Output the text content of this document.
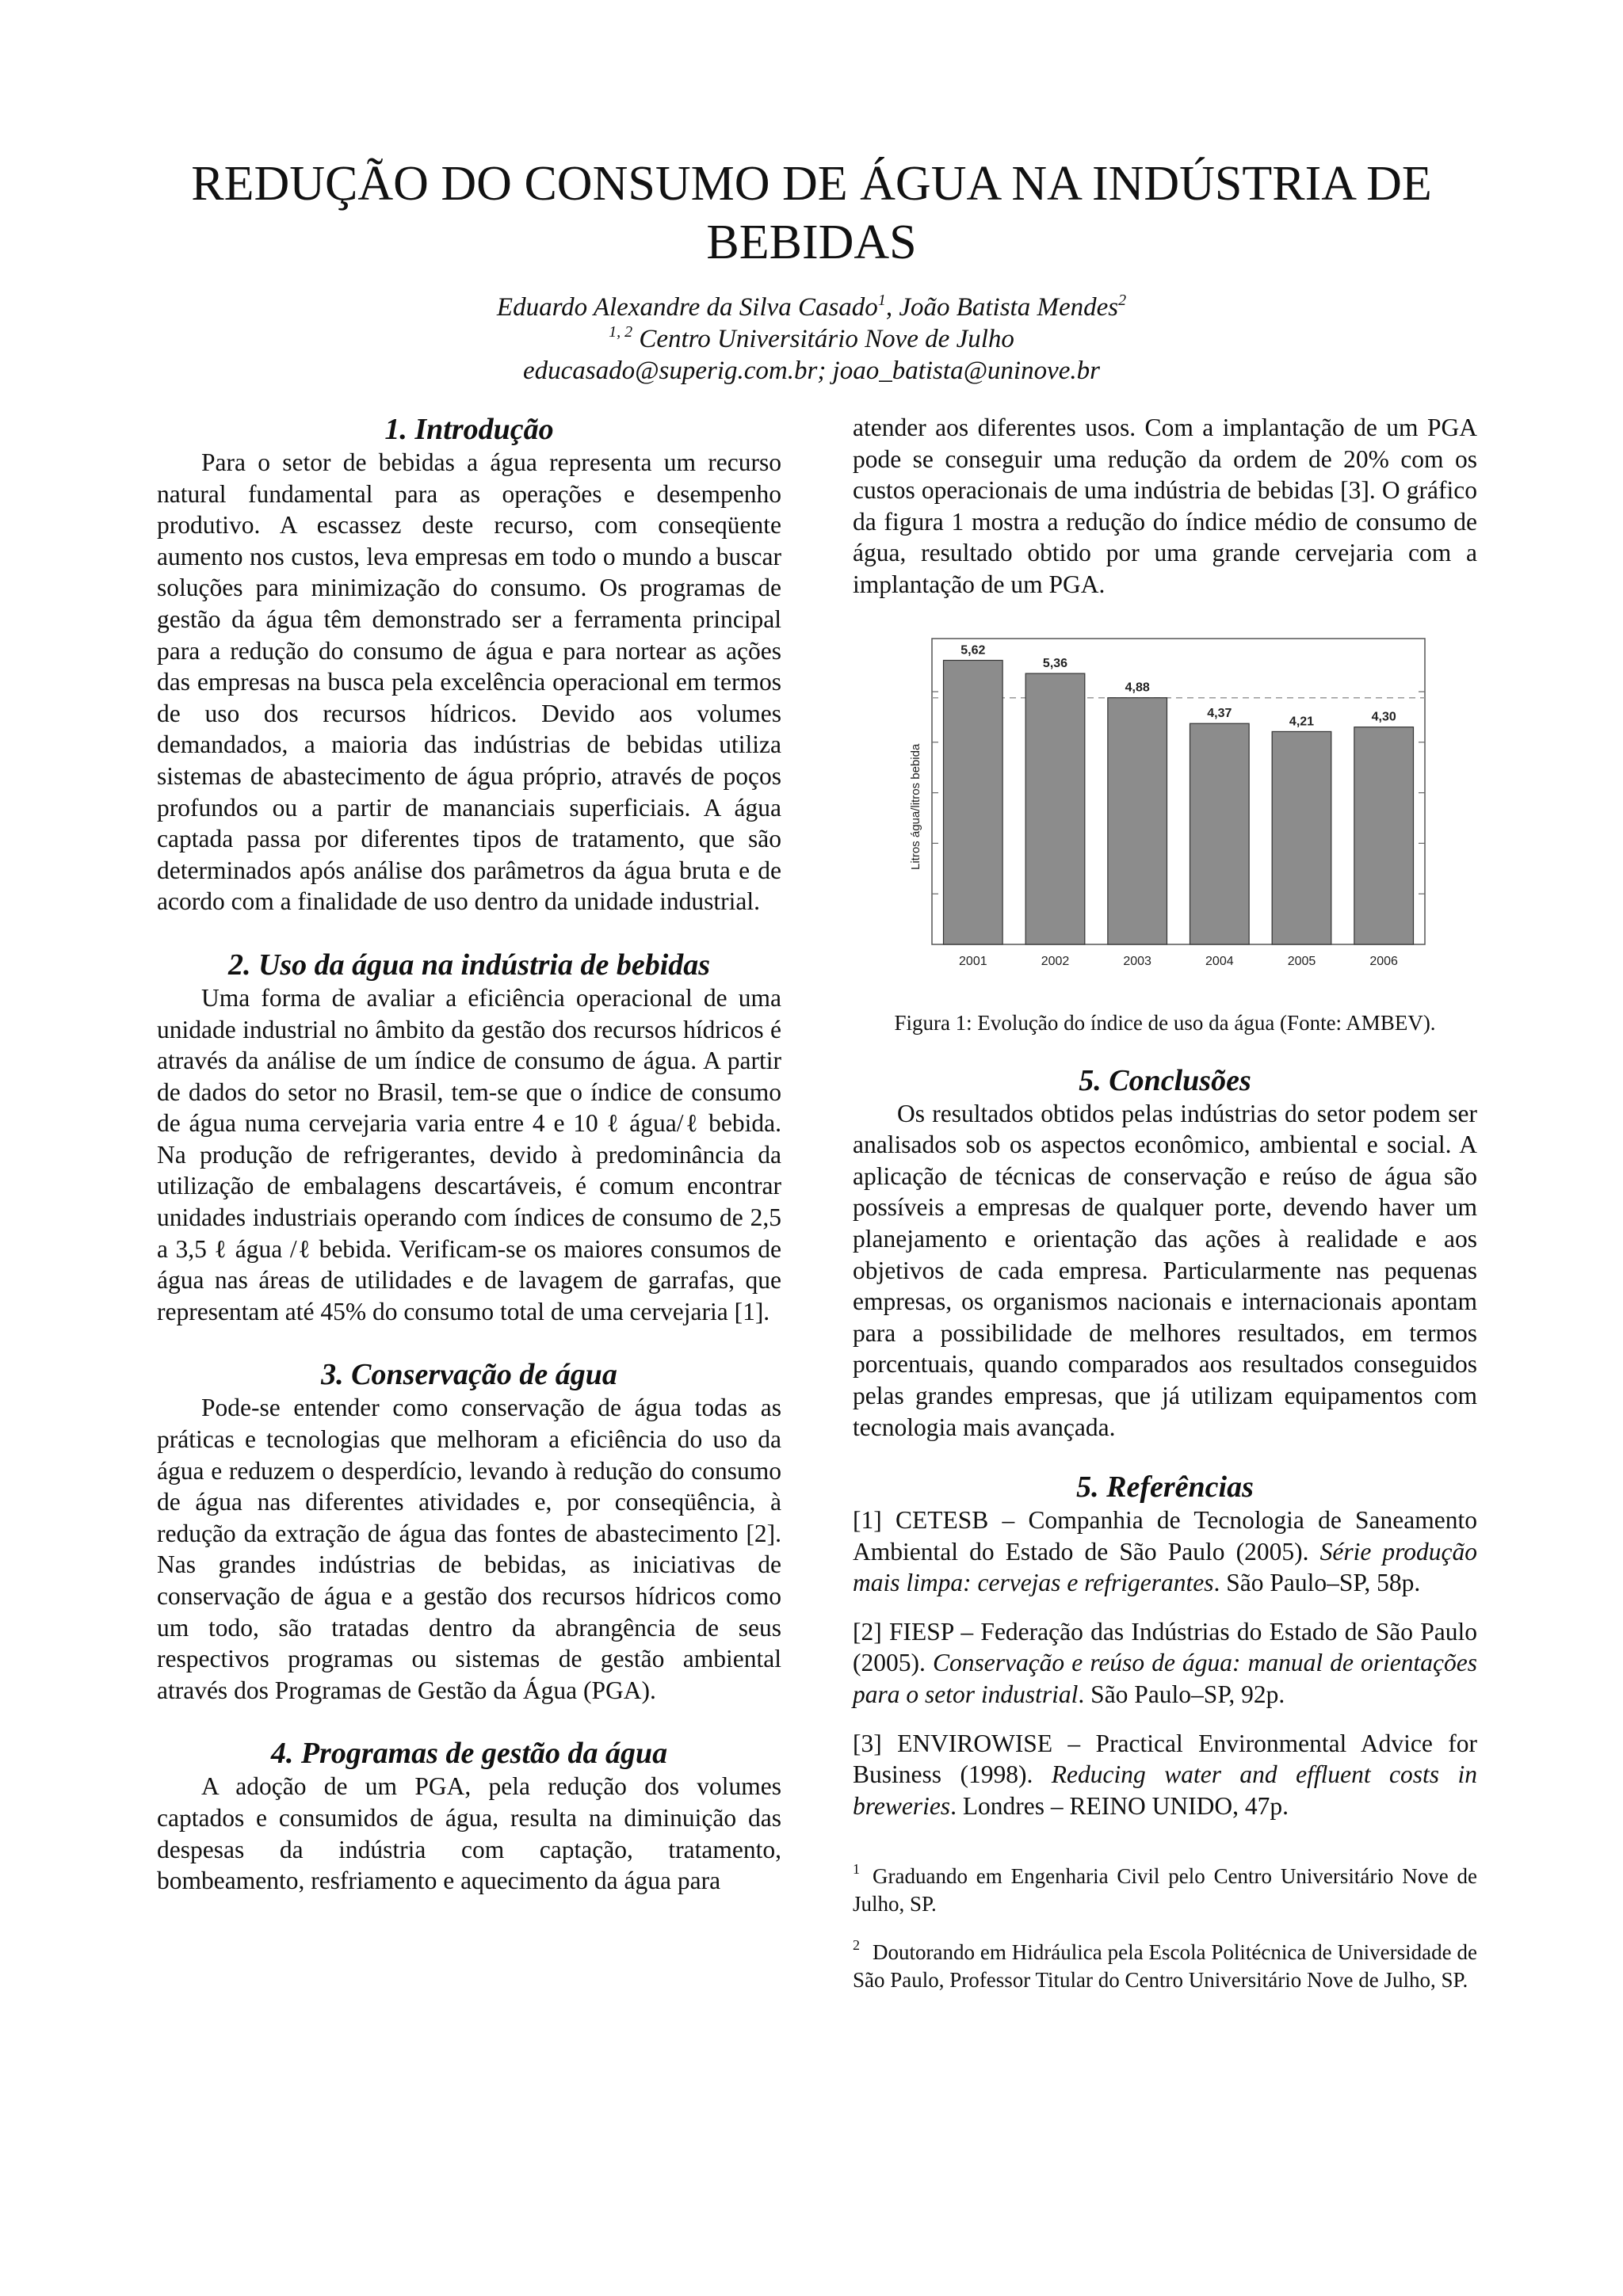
REDUÇÃO DO CONSUMO DE ÁGUA NA INDÚSTRIA DE BEBIDAS
Eduardo Alexandre da Silva Casado$^1$, João Batista Mendes$^2$
$^{1, 2}$ Centro Universitário Nove de Julho
educasado@superig.com.br; joao_batista@uninove.br
1. Introdução

Para o setor de bebidas a água representa um recurso natural fundamental para as operações e desempenho produtivo. A escassez deste recurso, com conseqüente aumento nos custos, leva empresas em todo o mundo a buscar soluções para minimização do consumo. Os programas de gestão da água têm demonstrado ser a ferramenta principal para a redução do consumo de água e para nortear as ações das empresas na busca pela excelência operacional em termos de uso dos recursos hídricos. Devido aos volumes demandados, a maioria das indústrias de bebidas utiliza sistemas de abastecimento de água próprio, através de poços profundos ou a partir de mananciais superficiais. A água captada passa por diferentes tipos de tratamento, que são determinados após análise dos parâmetros da água bruta e de acordo com a finalidade de uso dentro da unidade industrial.

2. Uso da água na indústria de bebidas

Uma forma de avaliar a eficiência operacional de uma unidade industrial no âmbito da gestão dos recursos hídricos é através da análise de um índice de consumo de água. A partir de dados do setor no Brasil, tem-se que o índice de consumo de água numa cervejaria varia entre 4 e 10 ℓ água/ℓ bebida. Na produção de refrigerantes, devido à predominância da utilização de embalagens descartáveis, é comum encontrar unidades industriais operando com índices de consumo de 2,5 a 3,5 ℓ água /ℓ bebida. Verificam-se os maiores consumos de água nas áreas de utilidades e de lavagem de garrafas, que representam até 45% do consumo total de uma cervejaria [1].

3. Conservação de água

Pode-se entender como conservação de água todas as práticas e tecnologias que melhoram a eficiência do uso da água e reduzem o desperdício, levando à redução do consumo de água nas diferentes atividades e, por conseqüência, à redução da extração de água das fontes de abastecimento [2]. Nas grandes indústrias de bebidas, as iniciativas de conservação de água e a gestão dos recursos hídricos como um todo, são tratadas dentro da abrangência de seus respectivos programas ou sistemas de gestão ambiental através dos Programas de Gestão da Água (PGA).

4. Programas de gestão da água

A adoção de um PGA, pela redução dos volumes captados e consumidos de água, resulta na diminuição das despesas da indústria com captação, tratamento, bombeamento, resfriamento e aquecimento da água para

atender aos diferentes usos. Com a implantação de um PGA pode se conseguir uma redução da ordem de 20% com os custos operacionais de uma indústria de bebidas [3]. O gráfico da figura 1 mostra a redução do índice médio de consumo de água, resultado obtido por uma grande cervejaria com a implantação de um PGA.

5,62
5,36
4,88
4,37
4,21	4,30
2001	2002	2003	2004	2005	2006
Litros água/litros bebida

Figura 1: Evolução do índice de uso da água (Fonte: AMBEV).

5. Conclusões

Os resultados obtidos pelas indústrias do setor podem ser analisados sob os aspectos econômico, ambiental e social. A aplicação de técnicas de conservação e reúso de água são possíveis a empresas de qualquer porte, devendo haver um planejamento e orientação das ações à realidade e aos objetivos de cada empresa. Particularmente nas pequenas empresas, os organismos nacionais e internacionais apontam para a possibilidade de melhores resultados, em termos porcentuais, quando comparados aos resultados conseguidos pelas grandes empresas, que já utilizam equipamentos com tecnologia mais avançada.

5. Referências

[1] CETESB – Companhia de Tecnologia de Saneamento Ambiental do Estado de São Paulo (2005). Série produção mais limpa: cervejas e refrigerantes. São Paulo–SP, 58p.

[2] FIESP – Federação das Indústrias do Estado de São Paulo (2005). Conservação e reúso de água: manual de orientações para o setor industrial. São Paulo–SP, 92p.

[3] ENVIROWISE – Practical Environmental Advice for Business (1998). Reducing water and effluent costs in breweries. Londres – REINO UNIDO, 47p.

$^1$ Graduando em Engenharia Civil pelo Centro Universitário Nove de Julho, SP.

$^2$ Doutorando em Hidráulica pela Escola Politécnica de Universidade de São Paulo, Professor Titular do Centro Universitário Nove de Julho, SP.
